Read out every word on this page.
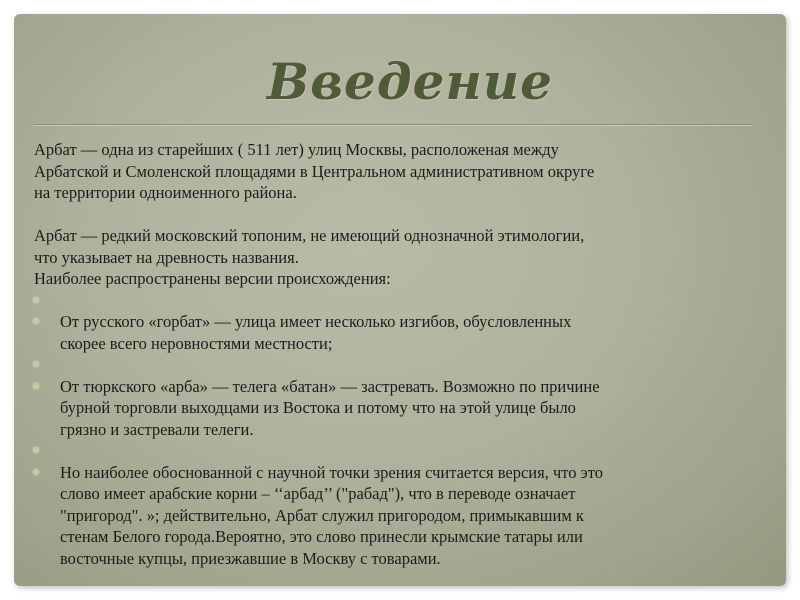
Введение

Арбат — одна из старейших ( 511 лет) улиц Москвы, расположеная между
Арбатской и Смоленской площадями в Центральном административном округе
на территории одноименного района.

Арбат — редкий московский топоним, не имеющий однозначной этимологии,
что указывает на древность названия.
Наиболее распространены версии происхождения:

От русского «горбат» — улица имеет несколько изгибов, обусловленных
скорее всего неровностями местности;
От тюркского «арба» — телега «батан» — застревать. Возможно по причине
бурной торговли выходцами из Востока и потому что на этой улице было
грязно и застревали телеги.
Но наиболее обоснованной с научной точки зрения считается версия, что это
слово имеет арабские корни – ‘‘арбад’’ ("рабад"), что в переводе означает
"пригород". »; действительно, Арбат служил пригородом, примыкавшим к
стенам Белого города.Вероятно, это слово принесли крымские татары или
восточные купцы, приезжавшие в Москву с товарами.
